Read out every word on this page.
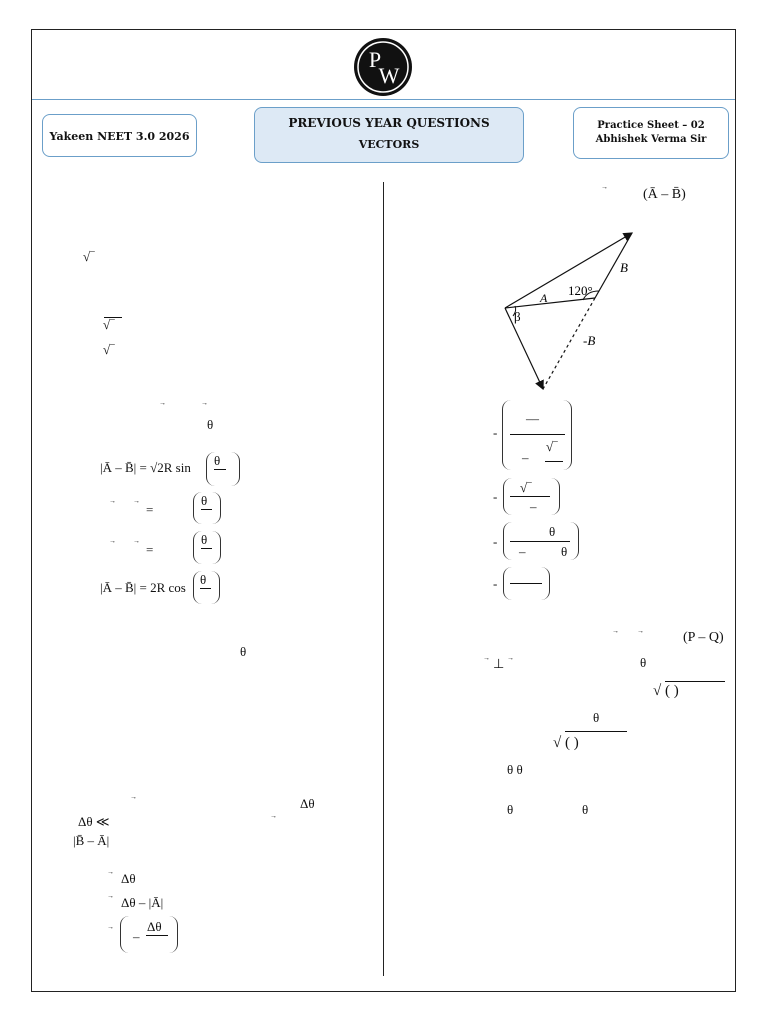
P
W
Yakeen NEET 3.0 2026
PREVIOUS YEAR QUESTIONS
VECTORS
Practice Sheet – 02
Abhishek Verma Sir
√‾
√‾
√‾
→	→
θ
|Ā – B̄| = √2R sin θ
→ →
=
θ
→ →
=
θ
|Ā – B̄| = 2R cos
θ
θ
→	Δθ
→
Δθ ≪
|B̄ – Ā|
→ Δθ
→ Δθ – |Ā|
→
–
Δθ
→	(Ā – B̄)
B
A 120°
β
-B
-
–‒
–
√‾
-
√‾
–
-
θ
–	θ
-
→	→	(P – Q)
→ ⊥ →	θ
√ ( )
θ
√ ( )
θ θ
θ	θ
